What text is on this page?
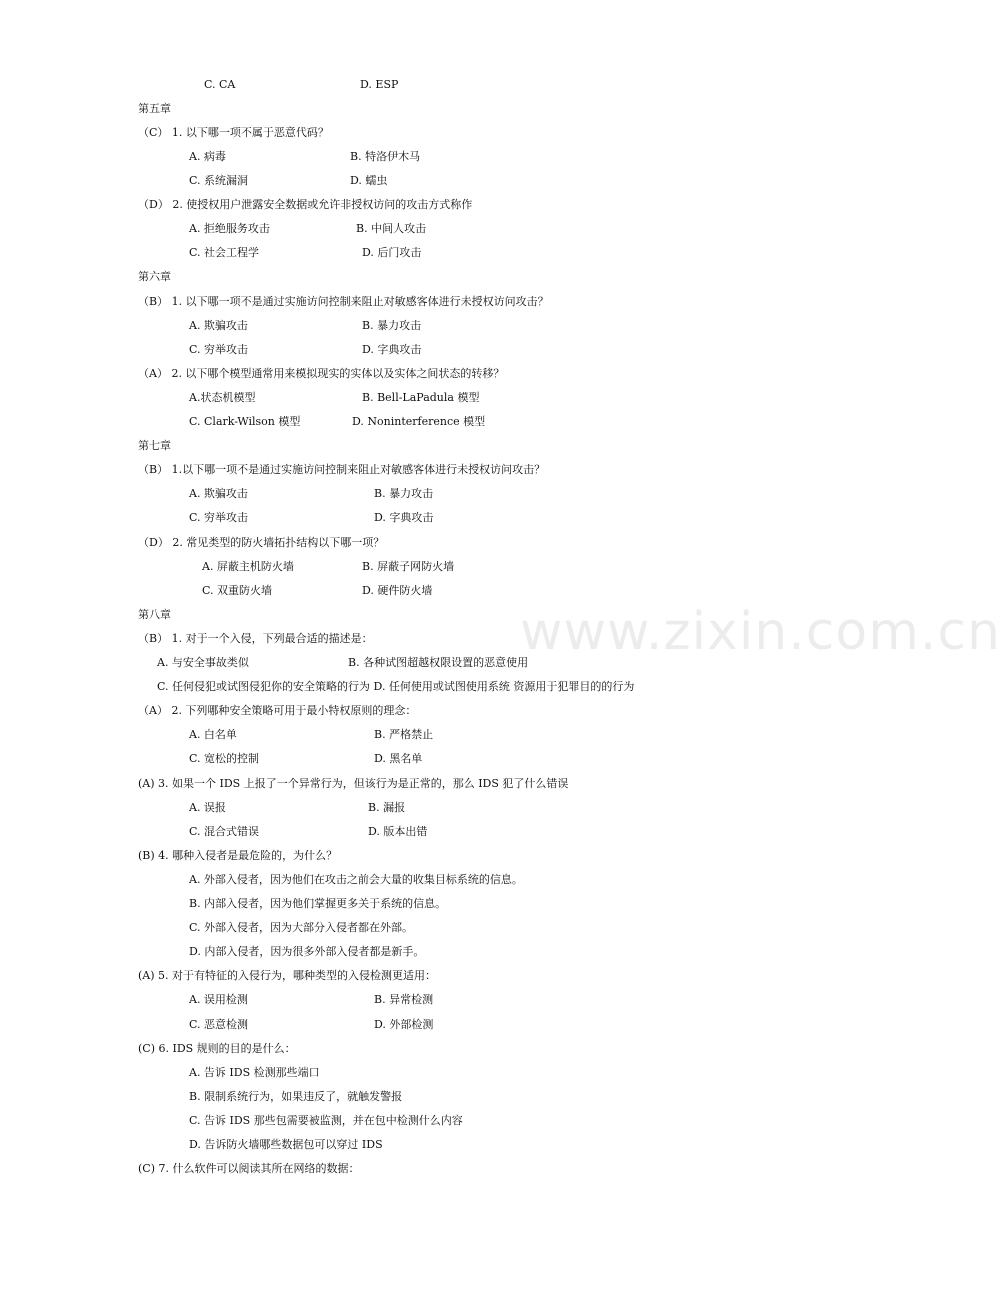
C. CA	D. ESP
第五章
（C） 1. 以下哪一项不属于恶意代码？
A. 病毒	B. 特洛伊木马
C. 系统漏洞	D. 蠕虫
（D） 2. 使授权用户泄露安全数据或允许非授权访问的攻击方式称作
A. 拒绝服务攻击	B. 中间人攻击
C. 社会工程学	D. 后门攻击
第六章
（B） 1. 以下哪一项不是通过实施访问控制来阻止对敏感客体进行未授权访问攻击？
A. 欺骗攻击	B. 暴力攻击
C. 穷举攻击	D. 字典攻击
（A） 2. 以下哪个模型通常用来模拟现实的实体以及实体之间状态的转移？
A.状态机模型	B. Bell-LaPadula 模型
C. Clark-Wilson 模型	D. Noninterference 模型
第七章
（B） 1.以下哪一项不是通过实施访问控制来阻止对敏感客体进行未授权访问攻击？
A. 欺骗攻击	B. 暴力攻击
C. 穷举攻击	D. 字典攻击
（D） 2. 常见类型的防火墙拓扑结构以下哪一项？
A. 屏蔽主机防火墙	B. 屏蔽子网防火墙
C. 双重防火墙	D. 硬件防火墙
第八章
（B） 1. 对于一个入侵，下列最合适的描述是：
A. 与安全事故类似	B. 各种试图超越权限设置的恶意使用
C. 任何侵犯或试图侵犯你的安全策略的行为 D. 任何使用或试图使用系统 资源用于犯罪目的的行为
（A） 2. 下列哪种安全策略可用于最小特权原则的理念：
A. 白名单	B. 严格禁止
C. 宽松的控制	D. 黑名单
(A) 3. 如果一个 IDS 上报了一个异常行为，但该行为是正常的，那么 IDS 犯了什么错误
A. 误报	B. 漏报
C. 混合式错误	D. 版本出错
(B) 4. 哪种入侵者是最危险的，为什么？
A. 外部入侵者，因为他们在攻击之前会大量的收集目标系统的信息。
B. 内部入侵者，因为他们掌握更多关于系统的信息。
C. 外部入侵者，因为大部分入侵者都在外部。
D. 内部入侵者，因为很多外部入侵者都是新手。
(A) 5. 对于有特征的入侵行为，哪种类型的入侵检测更适用：
A. 误用检测	B. 异常检测
C. 恶意检测	D. 外部检测
(C) 6. IDS 规则的目的是什么：
A. 告诉 IDS 检测那些端口
B. 限制系统行为，如果违反了，就触发警报
C. 告诉 IDS 那些包需要被监测，并在包中检测什么内容
D. 告诉防火墙哪些数据包可以穿过 IDS
(C) 7. 什么软件可以阅读其所在网络的数据：
www.zixin.com.cn
